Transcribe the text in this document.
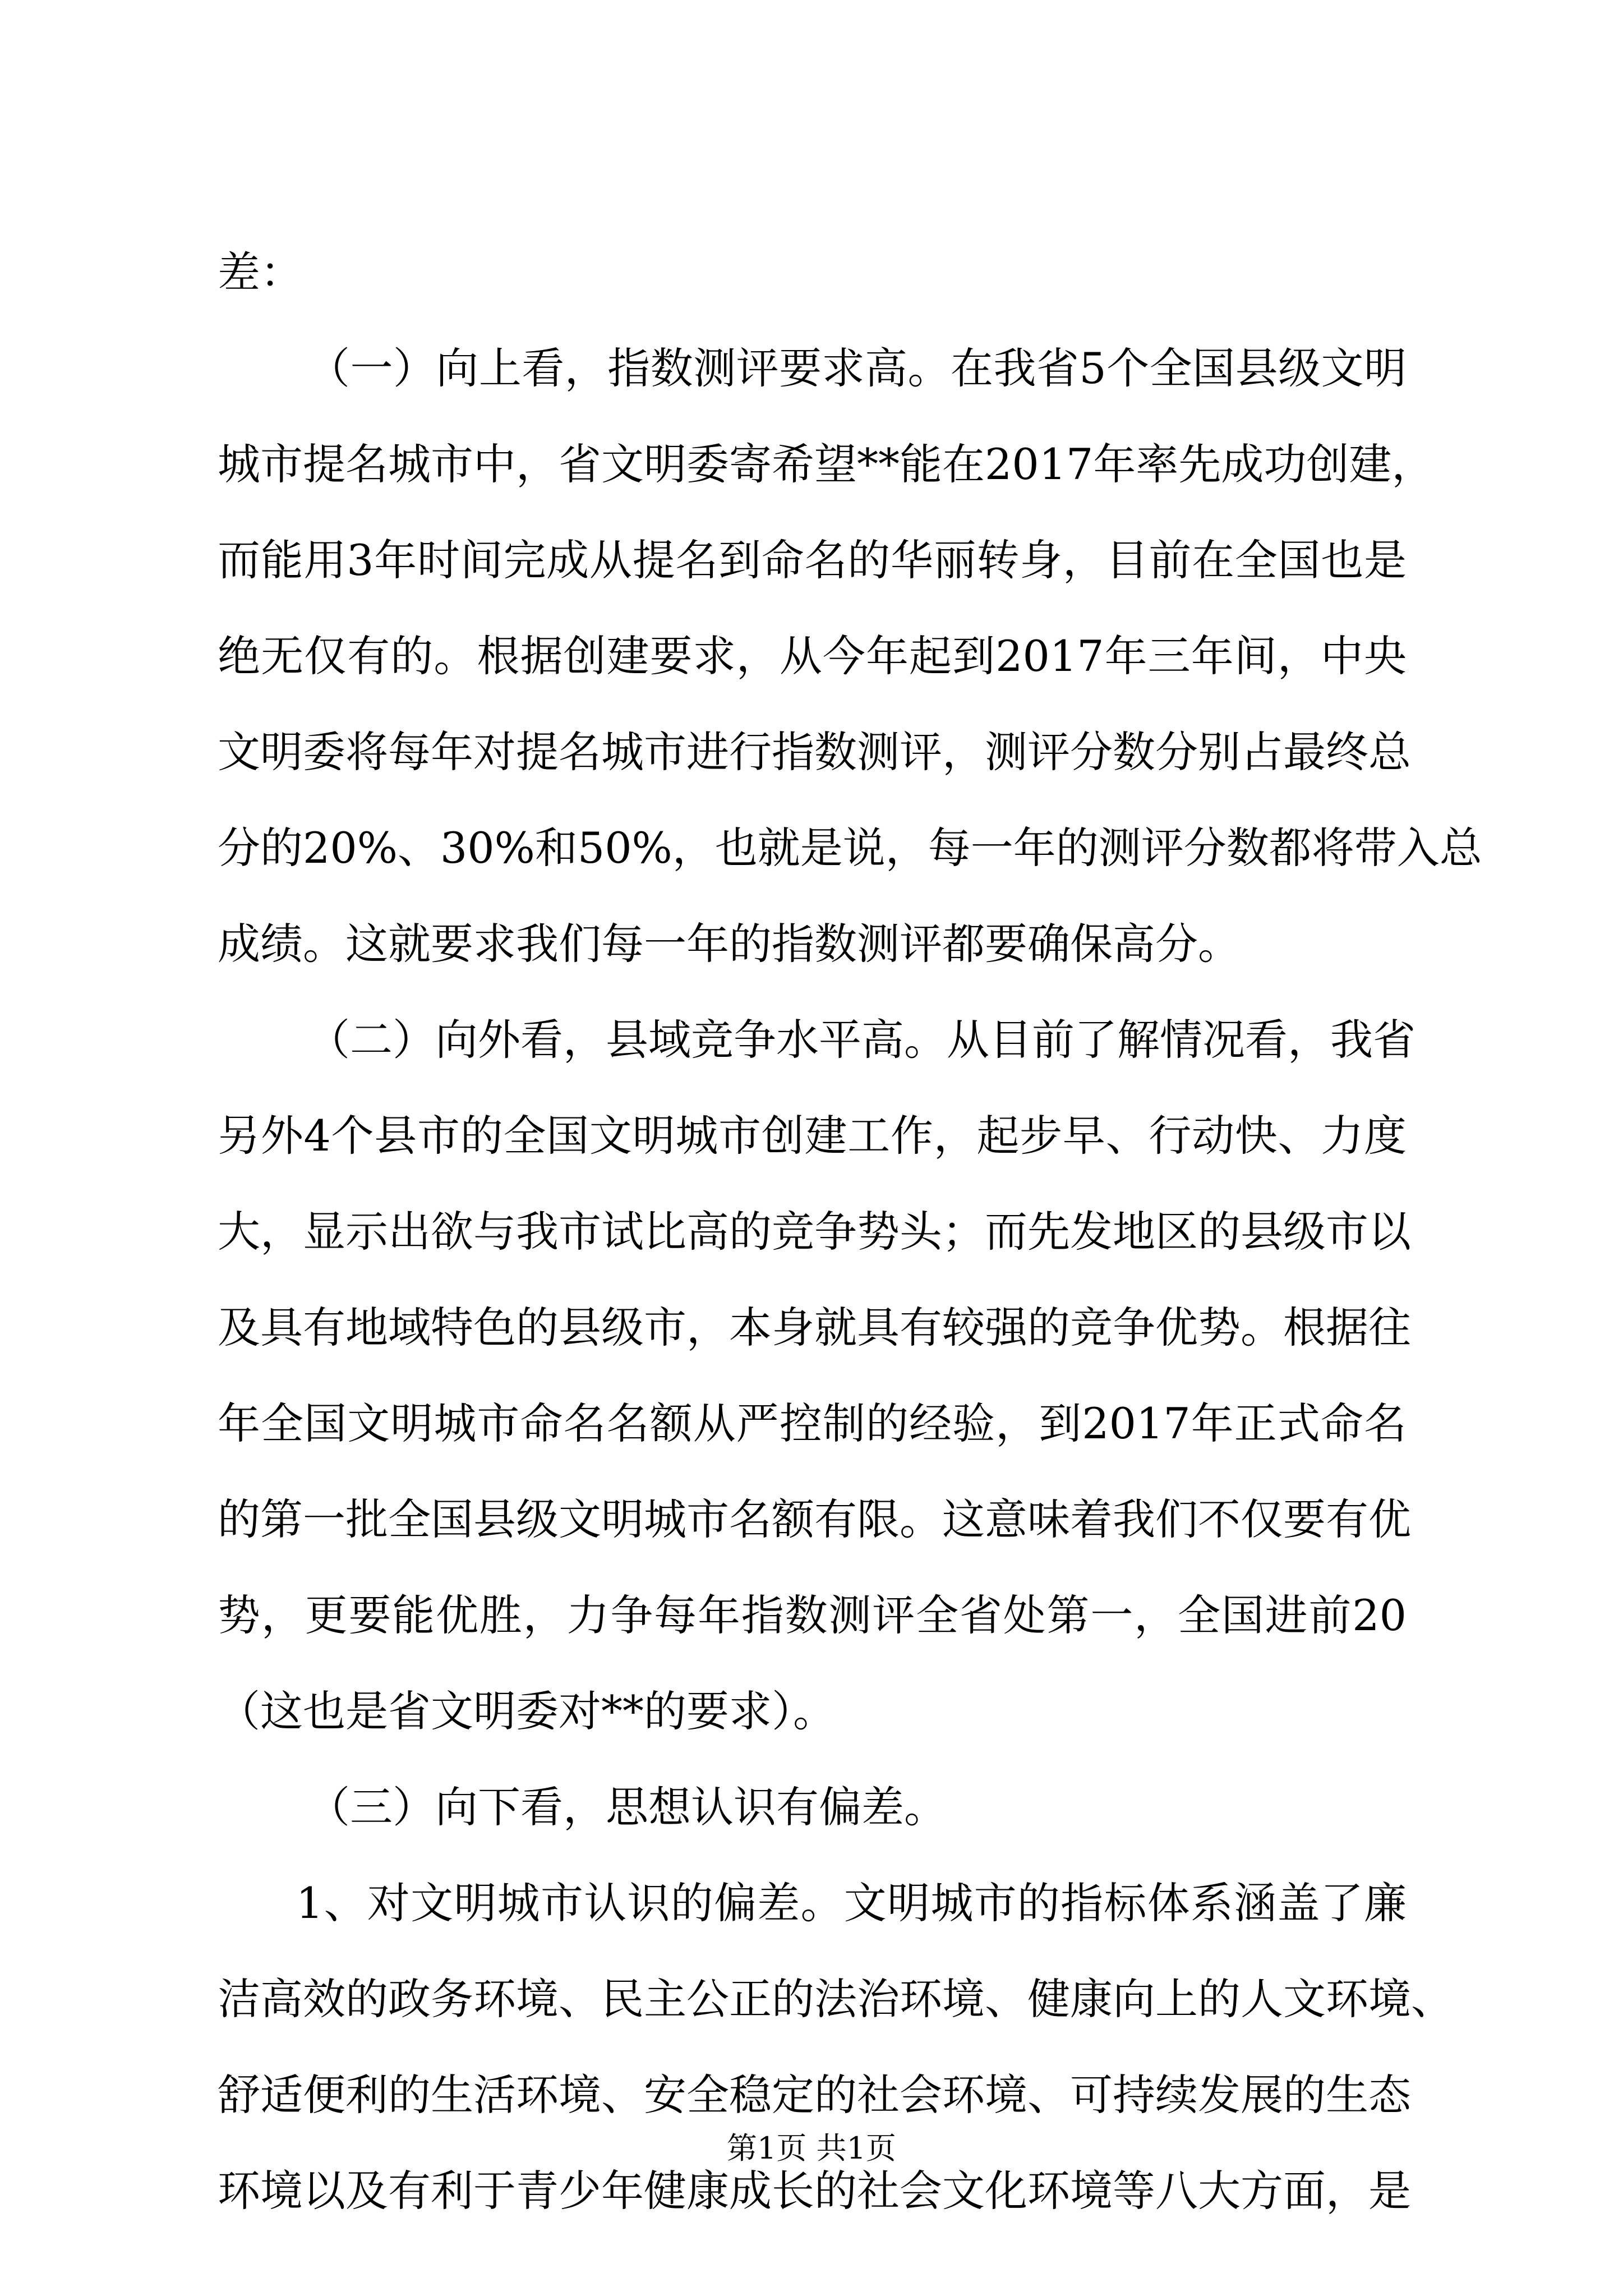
差：
（一）向上看，指数测评要求高。在我省5个全国县级文明
城市提名城市中，省文明委寄希望**能在2017年率先成功创建，
而能用3年时间完成从提名到命名的华丽转身，目前在全国也是
绝无仅有的。根据创建要求，从今年起到2017年三年间，中央
文明委将每年对提名城市进行指数测评，测评分数分别占最终总
分的20%、30%和50%，也就是说，每一年的测评分数都将带入总
成绩。这就要求我们每一年的指数测评都要确保高分。
（二）向外看，县域竞争水平高。从目前了解情况看，我省
另外4个县市的全国文明城市创建工作，起步早、行动快、力度
大，显示出欲与我市试比高的竞争势头；而先发地区的县级市以
及具有地域特色的县级市，本身就具有较强的竞争优势。根据往
年全国文明城市命名名额从严控制的经验，到2017年正式命名
的第一批全国县级文明城市名额有限。这意味着我们不仅要有优
势，更要能优胜，力争每年指数测评全省处第一，全国进前20
（这也是省文明委对**的要求）。
（三）向下看，思想认识有偏差。
1、对文明城市认识的偏差。文明城市的指标体系涵盖了廉
洁高效的政务环境、民主公正的法治环境、健康向上的人文环境、
舒适便利的生活环境、安全稳定的社会环境、可持续发展的生态
环境以及有利于青少年健康成长的社会文化环境等八大方面，是
第1页 共1页
